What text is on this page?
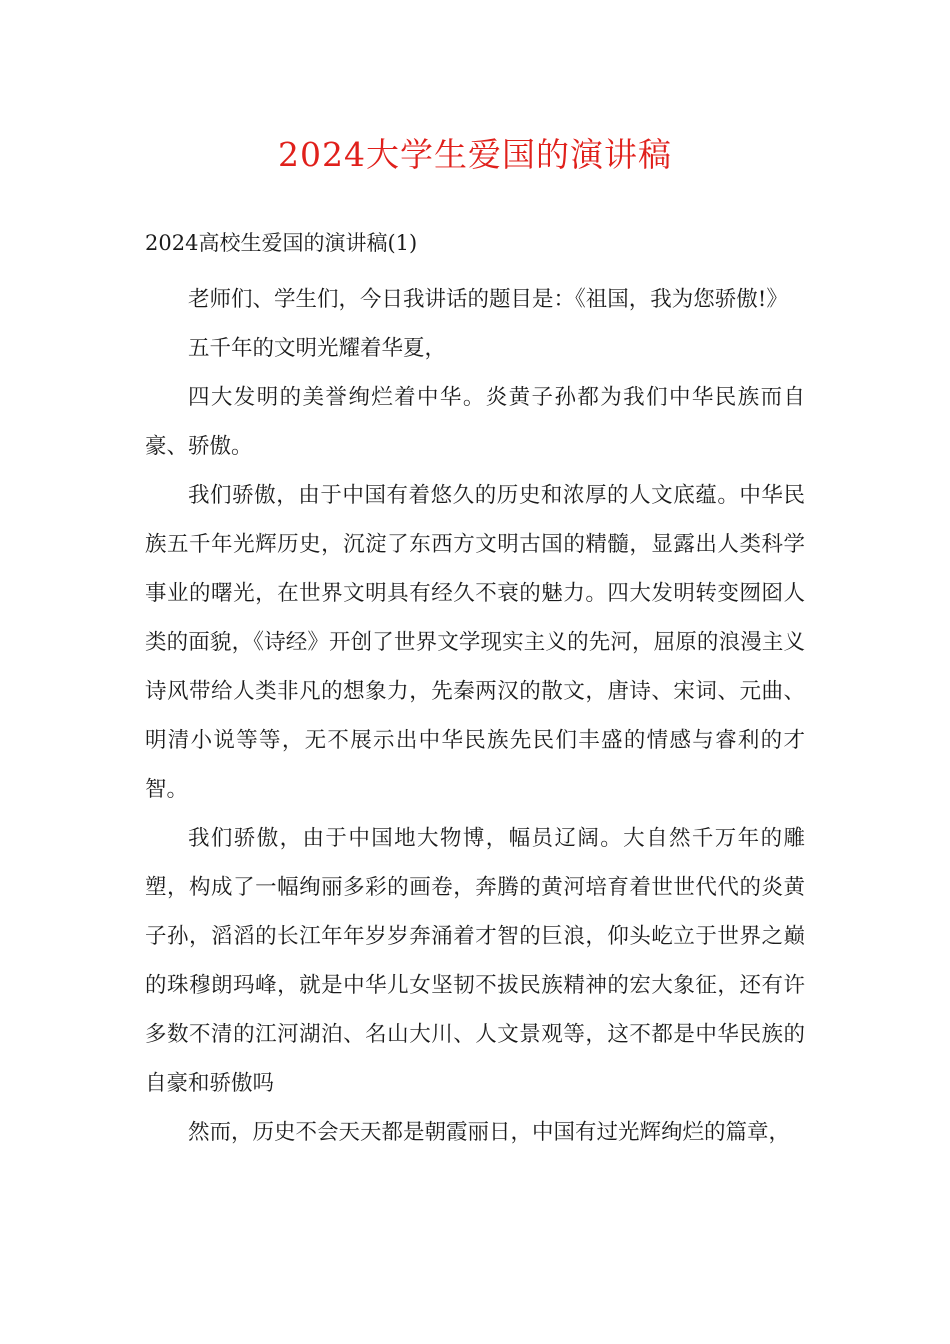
2024大学生爱国的演讲稿
2024高校生爱国的演讲稿(1)

老师们、学生们，今日我讲话的题目是：《祖国，我为您骄傲!》

五千年的文明光耀着华夏，

四大发明的美誉绚烂着中华。炎黄子孙都为我们中华民族而自豪、骄傲。

我们骄傲，由于中国有着悠久的历史和浓厚的人文底蕴。中华民族五千年光辉历史，沉淀了东西方文明古国的精髓，显露出人类科学事业的曙光，在世界文明具有经久不衰的魅力。四大发明转变囫囵人类的面貌，《诗经》开创了世界文学现实主义的先河，屈原的浪漫主义诗风带给人类非凡的想象力，先秦两汉的散文，唐诗、宋词、元曲、明清小说等等，无不展示出中华民族先民们丰盛的情感与睿利的才智。

我们骄傲，由于中国地大物博，幅员辽阔。大自然千万年的雕塑，构成了一幅绚丽多彩的画卷，奔腾的黄河培育着世世代代的炎黄子孙，滔滔的长江年年岁岁奔涌着才智的巨浪，仰头屹立于世界之巅的珠穆朗玛峰，就是中华儿女坚韧不拔民族精神的宏大象征，还有许多数不清的江河湖泊、名山大川、人文景观等，这不都是中华民族的自豪和骄傲吗

然而，历史不会天天都是朝霞丽日，中国有过光辉绚烂的篇章，
